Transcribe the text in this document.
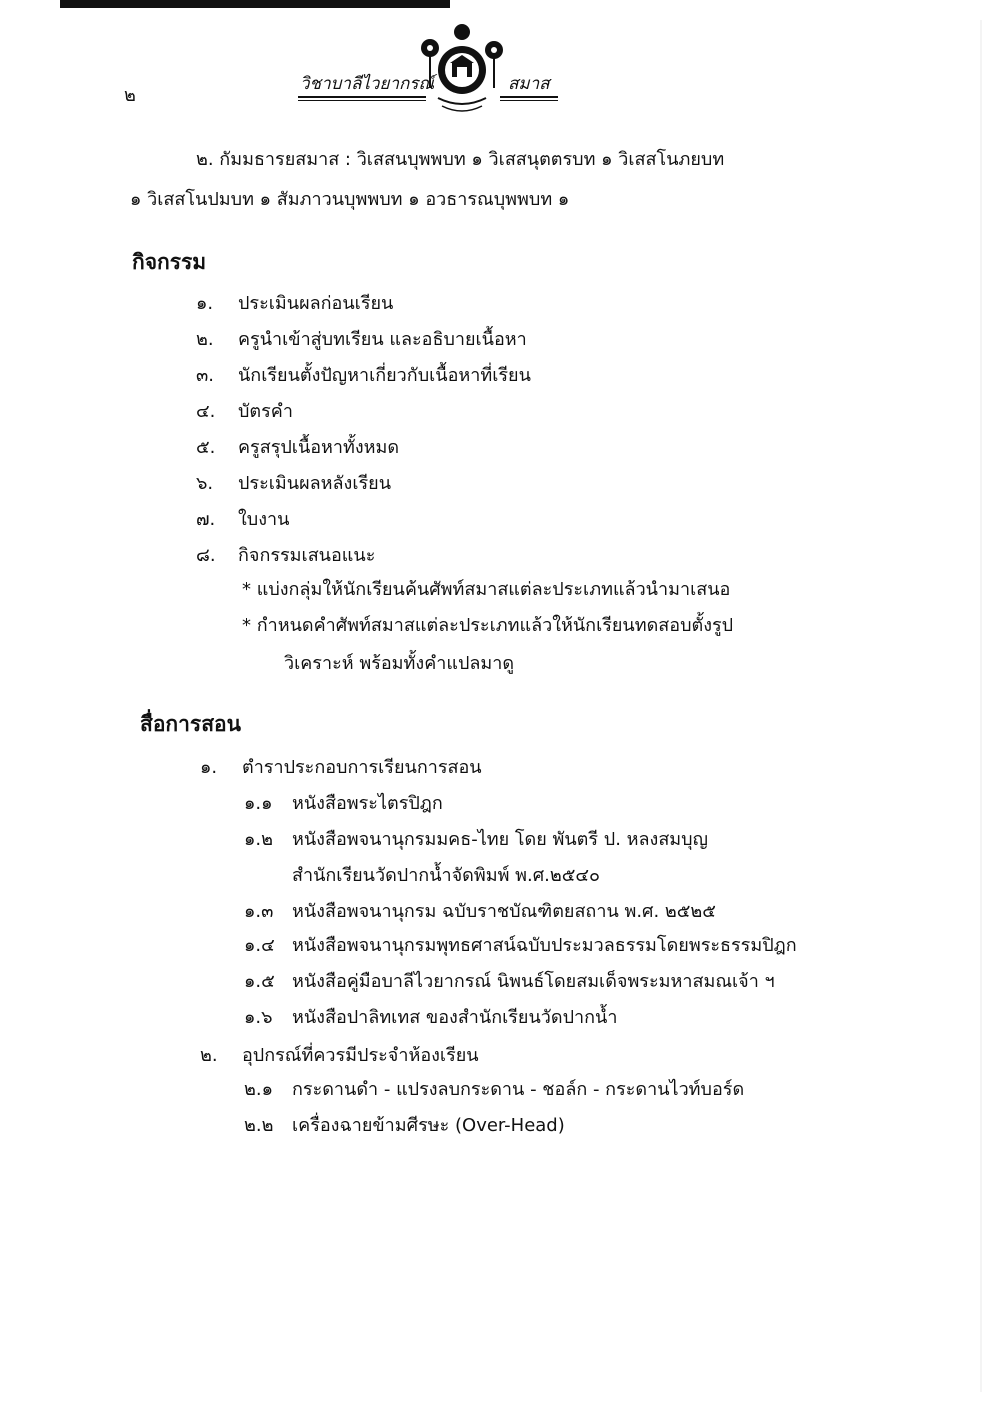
๒
วิชาบาลีไวยากรณ์	สมาส
๒. กัมมธารยสมาส : วิเสสนบุพพบท ๑ วิเสสนุตตรบท ๑ วิเสสโนภยบท
๑ วิเสสโนปมบท ๑ สัมภาวนบุพพบท ๑ อวธารณบุพพบท ๑
กิจกรรม
๑. ประเมินผลก่อนเรียน
๒. ครูนำเข้าสู่บทเรียน และอธิบายเนื้อหา
๓. นักเรียนตั้งปัญหาเกี่ยวกับเนื้อหาที่เรียน
๔. บัตรคำ
๕. ครูสรุปเนื้อหาทั้งหมด
๖. ประเมินผลหลังเรียน
๗. ใบงาน
๘. กิจกรรมเสนอแนะ
* แบ่งกลุ่มให้นักเรียนค้นศัพท์สมาสแต่ละประเภทแล้วนำมาเสนอ
* กำหนดคำศัพท์สมาสแต่ละประเภทแล้วให้นักเรียนทดสอบตั้งรูป
วิเคราะห์ พร้อมทั้งคำแปลมาดู
สื่อการสอน
๑. ตำราประกอบการเรียนการสอน
๑.๑ หนังสือพระไตรปิฎก
๑.๒ หนังสือพจนานุกรมมคธ-ไทย โดย พันตรี ป. หลงสมบุญ
สำนักเรียนวัดปากน้ำจัดพิมพ์ พ.ศ.๒๕๔๐
๑.๓ หนังสือพจนานุกรม ฉบับราชบัณฑิตยสถาน พ.ศ. ๒๕๒๕
๑.๔ หนังสือพจนานุกรมพุทธศาสน์ฉบับประมวลธรรมโดยพระธรรมปิฎก
๑.๕ หนังสือคู่มือบาลีไวยากรณ์ นิพนธ์โดยสมเด็จพระมหาสมณเจ้า ฯ
๑.๖ หนังสือปาลิทเทส ของสำนักเรียนวัดปากน้ำ
๒. อุปกรณ์ที่ควรมีประจำห้องเรียน
๒.๑ กระดานดำ - แปรงลบกระดาน - ชอล์ก - กระดานไวท์บอร์ด
๒.๒ เครื่องฉายข้ามศีรษะ (Over-Head)
